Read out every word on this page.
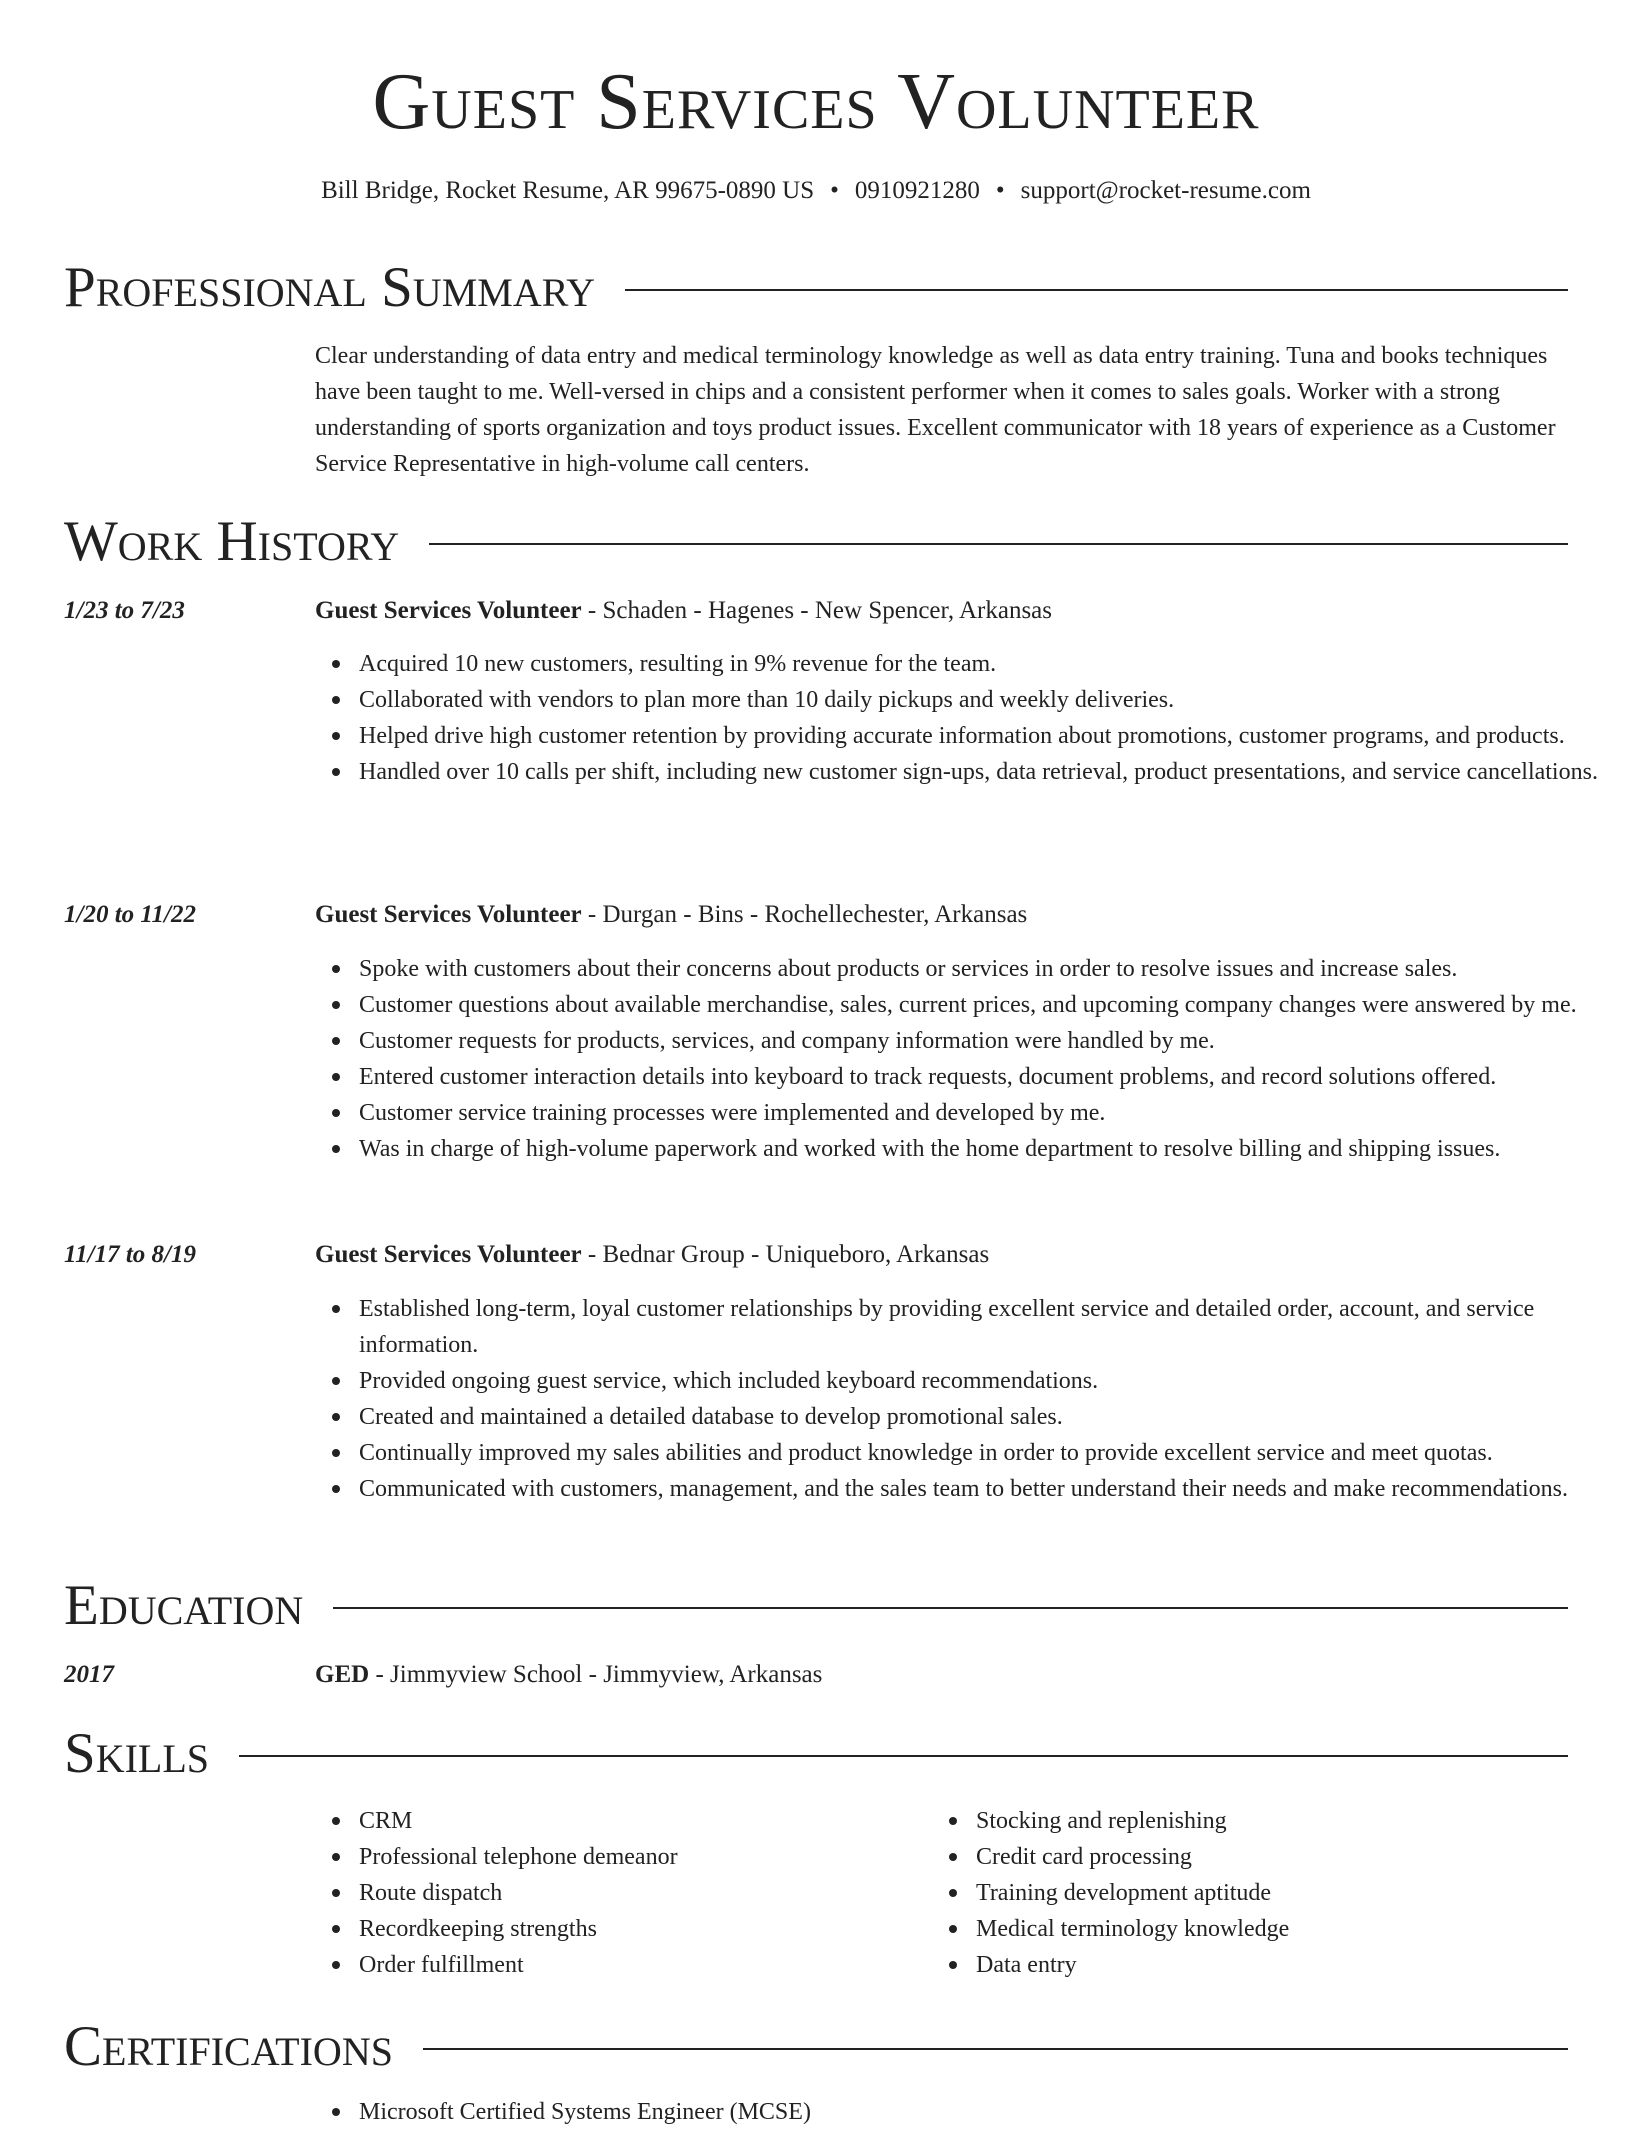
Guest Services Volunteer
Bill Bridge, Rocket Resume, AR 99675-0890 US • 0910921280 • support@rocket-resume.com
Professional Summary

Clear understanding of data entry and medical terminology knowledge as well as data entry training. Tuna and books techniques have been taught to me. Well-versed in chips and a consistent performer when it comes to sales goals. Worker with a strong understanding of sports organization and toys product issues. Excellent communicator with 18 years of experience as a Customer Service Representative in high-volume call centers.

Work History
1/23 to 7/23	Guest Services Volunteer - Schaden - Hagenes - New Spencer, Arkansas
Acquired 10 new customers, resulting in 9% revenue for the team.
Collaborated with vendors to plan more than 10 daily pickups and weekly deliveries.
Helped drive high customer retention by providing accurate information about promotions, customer programs, and products.
Handled over 10 calls per shift, including new customer sign-ups, data retrieval, product presentations, and service cancellations.
1/20 to 11/22	Guest Services Volunteer - Durgan - Bins - Rochellechester, Arkansas
Spoke with customers about their concerns about products or services in order to resolve issues and increase sales.
Customer questions about available merchandise, sales, current prices, and upcoming company changes were answered by me.
Customer requests for products, services, and company information were handled by me.
Entered customer interaction details into keyboard to track requests, document problems, and record solutions offered.
Customer service training processes were implemented and developed by me.
Was in charge of high-volume paperwork and worked with the home department to resolve billing and shipping issues.
11/17 to 8/19	Guest Services Volunteer - Bednar Group - Uniqueboro, Arkansas
Established long-term, loyal customer relationships by providing excellent service and detailed order, account, and service information.
Provided ongoing guest service, which included keyboard recommendations.
Created and maintained a detailed database to develop promotional sales.
Continually improved my sales abilities and product knowledge in order to provide excellent service and meet quotas.
Communicated with customers, management, and the sales team to better understand their needs and make recommendations.
Education
2017	GED - Jimmyview School - Jimmyview, Arkansas
Skills
CRM
Professional telephone demeanor
Route dispatch
Recordkeeping strengths
Order fulfillment
Stocking and replenishing
Credit card processing
Training development aptitude
Medical terminology knowledge
Data entry
Certifications
Microsoft Certified Systems Engineer (MCSE)
